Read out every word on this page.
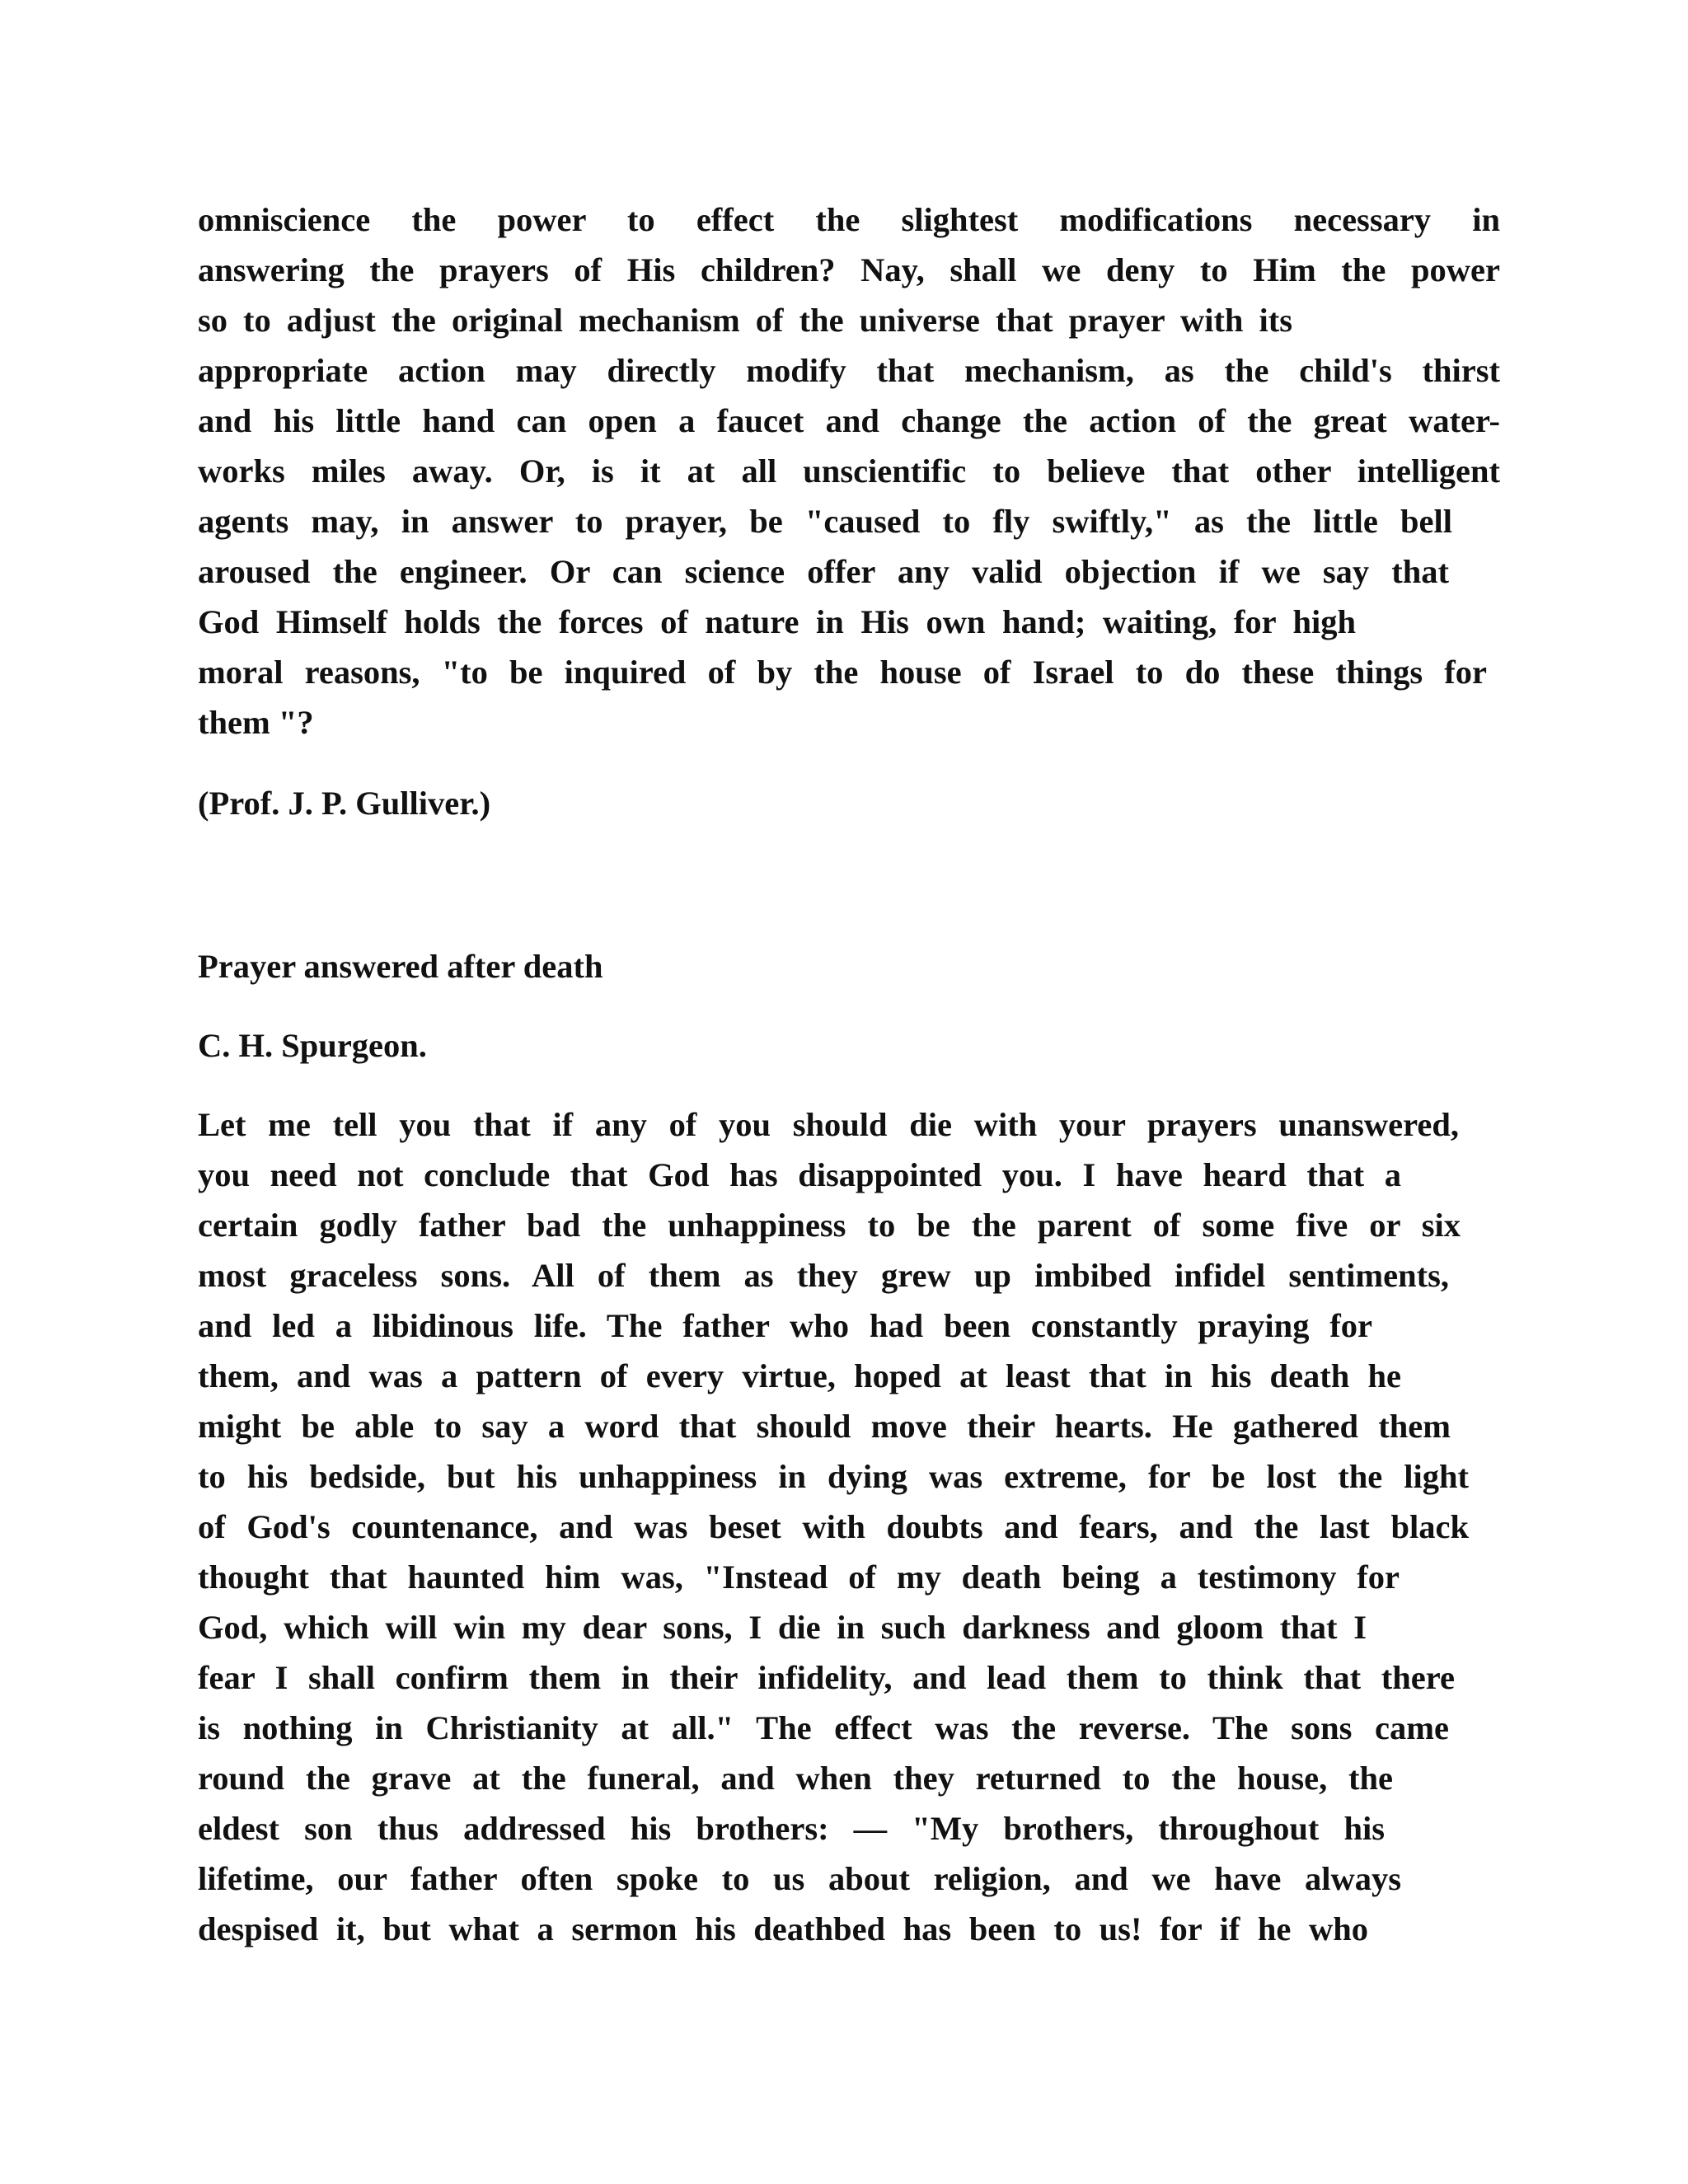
omniscience the power to effect the slightest modifications necessary in
answering the prayers of His children? Nay, shall we deny to Him the power
so to adjust the original mechanism of the universe that prayer with its
appropriate action may directly modify that mechanism, as the child's thirst
and his little hand can open a faucet and change the action of the great water-
works miles away. Or, is it at all unscientific to believe that other intelligent
agents may, in answer to prayer, be "caused to fly swiftly," as the little bell
aroused the engineer. Or can science offer any valid objection if we say that
God Himself holds the forces of nature in His own hand; waiting, for high
moral reasons, "to be inquired of by the house of Israel to do these things for
them "?
(Prof. J. P. Gulliver.)
Prayer answered after death
C. H. Spurgeon.
Let me tell you that if any of you should die with your prayers unanswered,
you need not conclude that God has disappointed you. I have heard that a
certain godly father bad the unhappiness to be the parent of some five or six
most graceless sons. All of them as they grew up imbibed infidel sentiments,
and led a libidinous life. The father who had been constantly praying for
them, and was a pattern of every virtue, hoped at least that in his death he
might be able to say a word that should move their hearts. He gathered them
to his bedside, but his unhappiness in dying was extreme, for be lost the light
of God's countenance, and was beset with doubts and fears, and the last black
thought that haunted him was, "Instead of my death being a testimony for
God, which will win my dear sons, I die in such darkness and gloom that I
fear I shall confirm them in their infidelity, and lead them to think that there
is nothing in Christianity at all." The effect was the reverse. The sons came
round the grave at the funeral, and when they returned to the house, the
eldest son thus addressed his brothers: — "My brothers, throughout his
lifetime, our father often spoke to us about religion, and we have always
despised it, but what a sermon his deathbed has been to us! for if he who
